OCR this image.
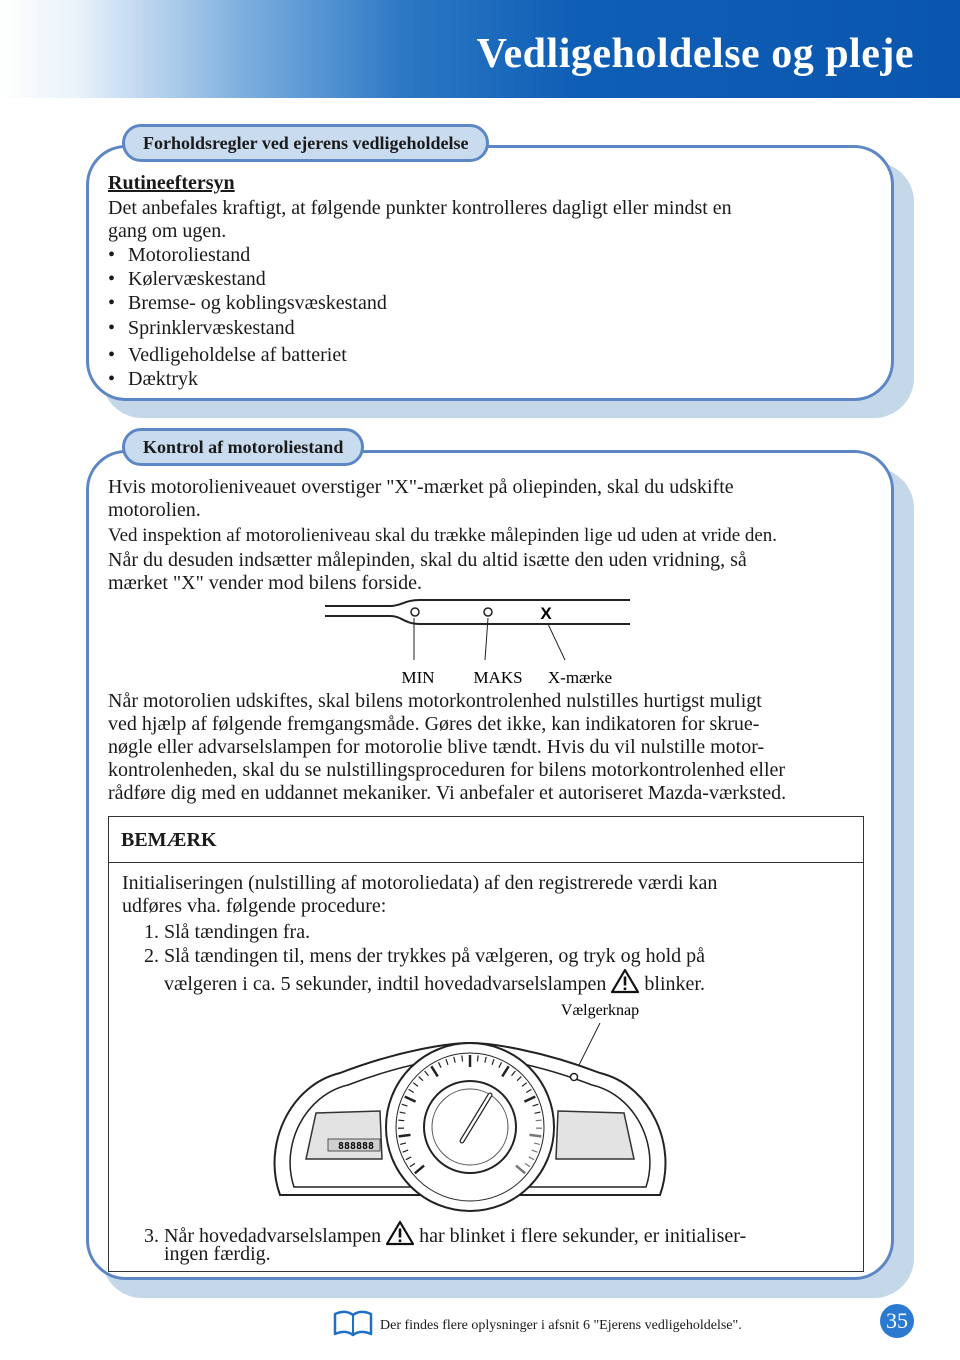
Vedligeholdelse og pleje
Forholdsregler ved ejerens vedligeholdelse
Rutineeftersyn
Det anbefales kraftigt, at følgende punkter kontrolleres dagligt eller mindst en
gang om ugen.
• Motoroliestand
• Kølervæskestand
• Bremse- og koblingsvæskestand
• Sprinklervæskestand
• Vedligeholdelse af batteriet
• Dæktryk
Kontrol af motoroliestand
Hvis motorolieniveauet overstiger "X"-mærket på oliepinden, skal du udskifte
motorolien.
Ved inspektion af motorolieniveau skal du trække målepinden lige ud uden at vride den.
Når du desuden indsætter målepinden, skal du altid isætte den uden vridning, så
mærket "X" vender mod bilens forside.
X
MIN MAKS X-mærke
Når motorolien udskiftes, skal bilens motorkontrolenhed nulstilles hurtigst muligt
ved hjælp af følgende fremgangsmåde. Gøres det ikke, kan indikatoren for skrue-
nøgle eller advarselslampen for motorolie blive tændt. Hvis du vil nulstille motor-
kontrolenheden, skal du se nulstillingsproceduren for bilens motorkontrolenhed eller
rådføre dig med en uddannet mekaniker. Vi anbefaler et autoriseret Mazda-værksted.
BEMÆRK
Initialiseringen (nulstilling af motoroliedata) af den registrerede værdi kan
udføres vha. følgende procedure:
1. Slå tændingen fra.
2. Slå tændingen til, mens der trykkes på vælgeren, og tryk og hold på
vælgeren i ca. 5 sekunder, indtil hovedadvarselslampen blinker.
Vælgerknap
888888
3. Når hovedadvarselslampen har blinket i flere sekunder, er initialiser-
ingen færdig.
Der findes flere oplysninger i afsnit 6 "Ejerens vedligeholdelse".	35
